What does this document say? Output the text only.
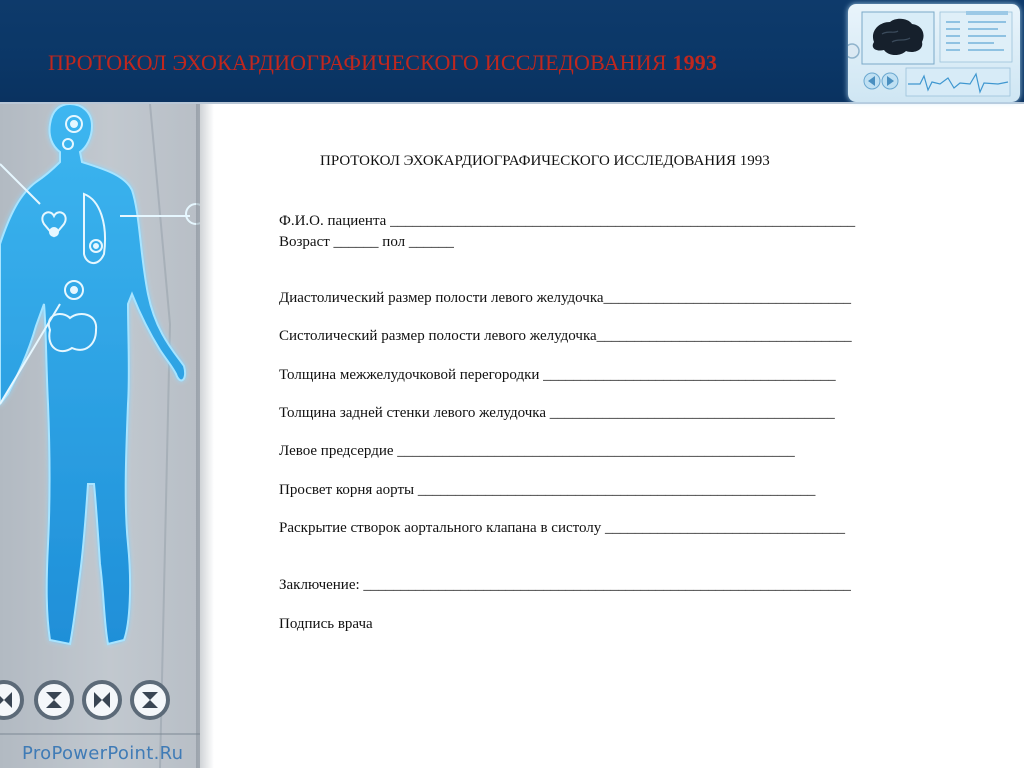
ПРОТОКОЛ ЭХОКАРДИОГРАФИЧЕСКОГО ИССЛЕДОВАНИЯ 1993
ProPowerPoint.Ru
ПРОТОКОЛ ЭХОКАРДИОГРАФИЧЕСКОГО ИССЛЕДОВАНИЯ 1993
Ф.И.О. пациента ______________________________________________________________
Возраст ______ пол ______
Диастолический размер полости левого желудочка_________________________________
Систолический размер полости левого желудочка__________________________________
Толщина межжелудочковой перегородки _______________________________________
Толщина задней стенки левого желудочка ______________________________________
Левое предсердие _____________________________________________________
Просвет корня аорты _____________________________________________________
Раскрытие створок аортального клапана в систолу ________________________________
Заключение: _________________________________________________________________
Подпись врача
